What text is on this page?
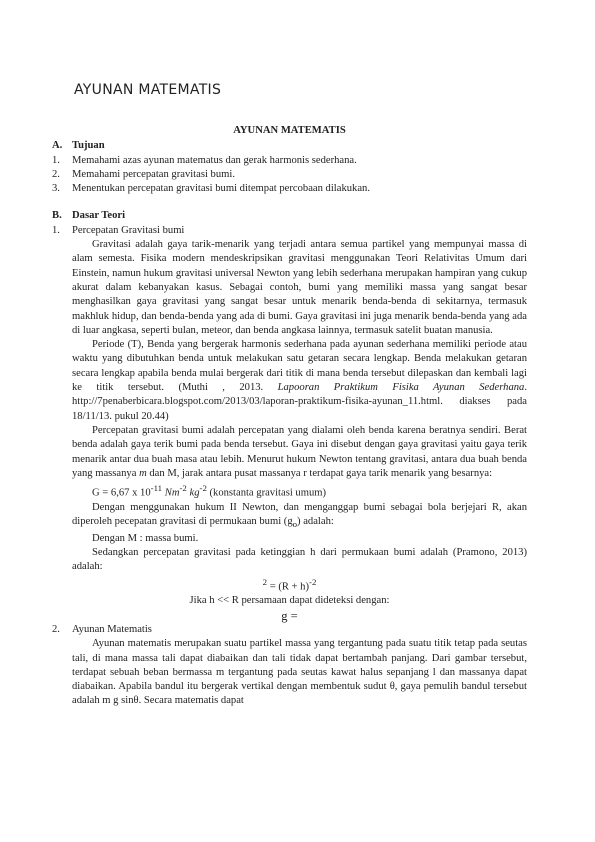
AYUNAN MATEMATIS
AYUNAN MATEMATIS
A. Tujuan
1.	Memahami azas ayunan matematus dan gerak harmonis sederhana.
2.	Memahami percepatan gravitasi bumi.
3.	Menentukan percepatan gravitasi bumi ditempat percobaan dilakukan.
B. Dasar Teori
1.	Percepatan Gravitasi bumi
Gravitasi adalah gaya tarik-menarik yang terjadi antara semua partikel yang mempunyai massa di alam semesta. Fisika modern mendeskripsikan gravitasi menggunakan Teori Relativitas Umum dari Einstein, namun hukum gravitasi universal Newton yang lebih sederhana merupakan hampiran yang cukup akurat dalam kebanyakan kasus. Sebagai contoh, bumi yang memiliki massa yang sangat besar menghasilkan gaya gravitasi yang sangat besar untuk menarik benda-benda di sekitarnya, termasuk makhluk hidup, dan benda-benda yang ada di bumi. Gaya gravitasi ini juga menarik benda-benda yang ada di luar angkasa, seperti bulan, meteor, dan benda angkasa lainnya, termasuk satelit buatan manusia.
Periode (T), Benda yang bergerak harmonis sederhana pada ayunan sederhana memiliki periode atau waktu yang dibutuhkan benda untuk melakukan satu getaran secara lengkap. Benda melakukan getaran secara lengkap apabila benda mulai bergerak dari titik di mana benda tersebut dilepaskan dan kembali lagi ke titik tersebut. (Muthi , 2013. Lapooran Praktikum Fisika Ayunan Sederhana. http://7penaberbicara.blogspot.com/2013/03/laporan-praktikum-fisika-ayunan_11.html. diakses pada 18/11/13. pukul 20.44)
Percepatan gravitasi bumi adalah percepatan yang dialami oleh benda karena beratnya sendiri. Berat benda adalah gaya terik bumi pada benda tersebut. Gaya ini disebut dengan gaya gravitasi yaitu gaya terik menarik antar dua buah masa atau lebih. Menurut hukum Newton tentang gravitasi, antara dua buah benda yang massanya m dan M, jarak antara pusat massanya r terdapat gaya tarik menarik yang besarnya:
G = 6,67 x $10^{-11}$ $Nm^{-2}$ $kg^{-2}$ (konstanta gravitasi umum)
Dengan menggunakan hukum II Newton, dan menganggap bumi sebagai bola berjejari R, akan diperoleh pecepatan gravitasi di permukaan bumi $(g_o)$ adalah:
Dengan M : massa bumi.
Sedangkan percepatan gravitasi pada ketinggian h dari permukaan bumi adalah (Pramono, 2013) adalah:
$^2 = (R + h)^{-2}$
Jika h << R persamaan dapat dideteksi dengan:
g =
2.	Ayunan Matematis
Ayunan matematis merupakan suatu partikel massa yang tergantung pada suatu titik tetap pada seutas tali, di mana massa tali dapat diabaikan dan tali tidak dapat bertambah panjang. Dari gambar tersebut, terdapat sebuah beban bermassa m tergantung pada seutas kawat halus sepanjang l dan massanya dapat diabaikan. Apabila bandul itu bergerak vertikal dengan membentuk sudut θ, gaya pemulih bandul tersebut adalah m g sinθ. Secara matematis dapat
